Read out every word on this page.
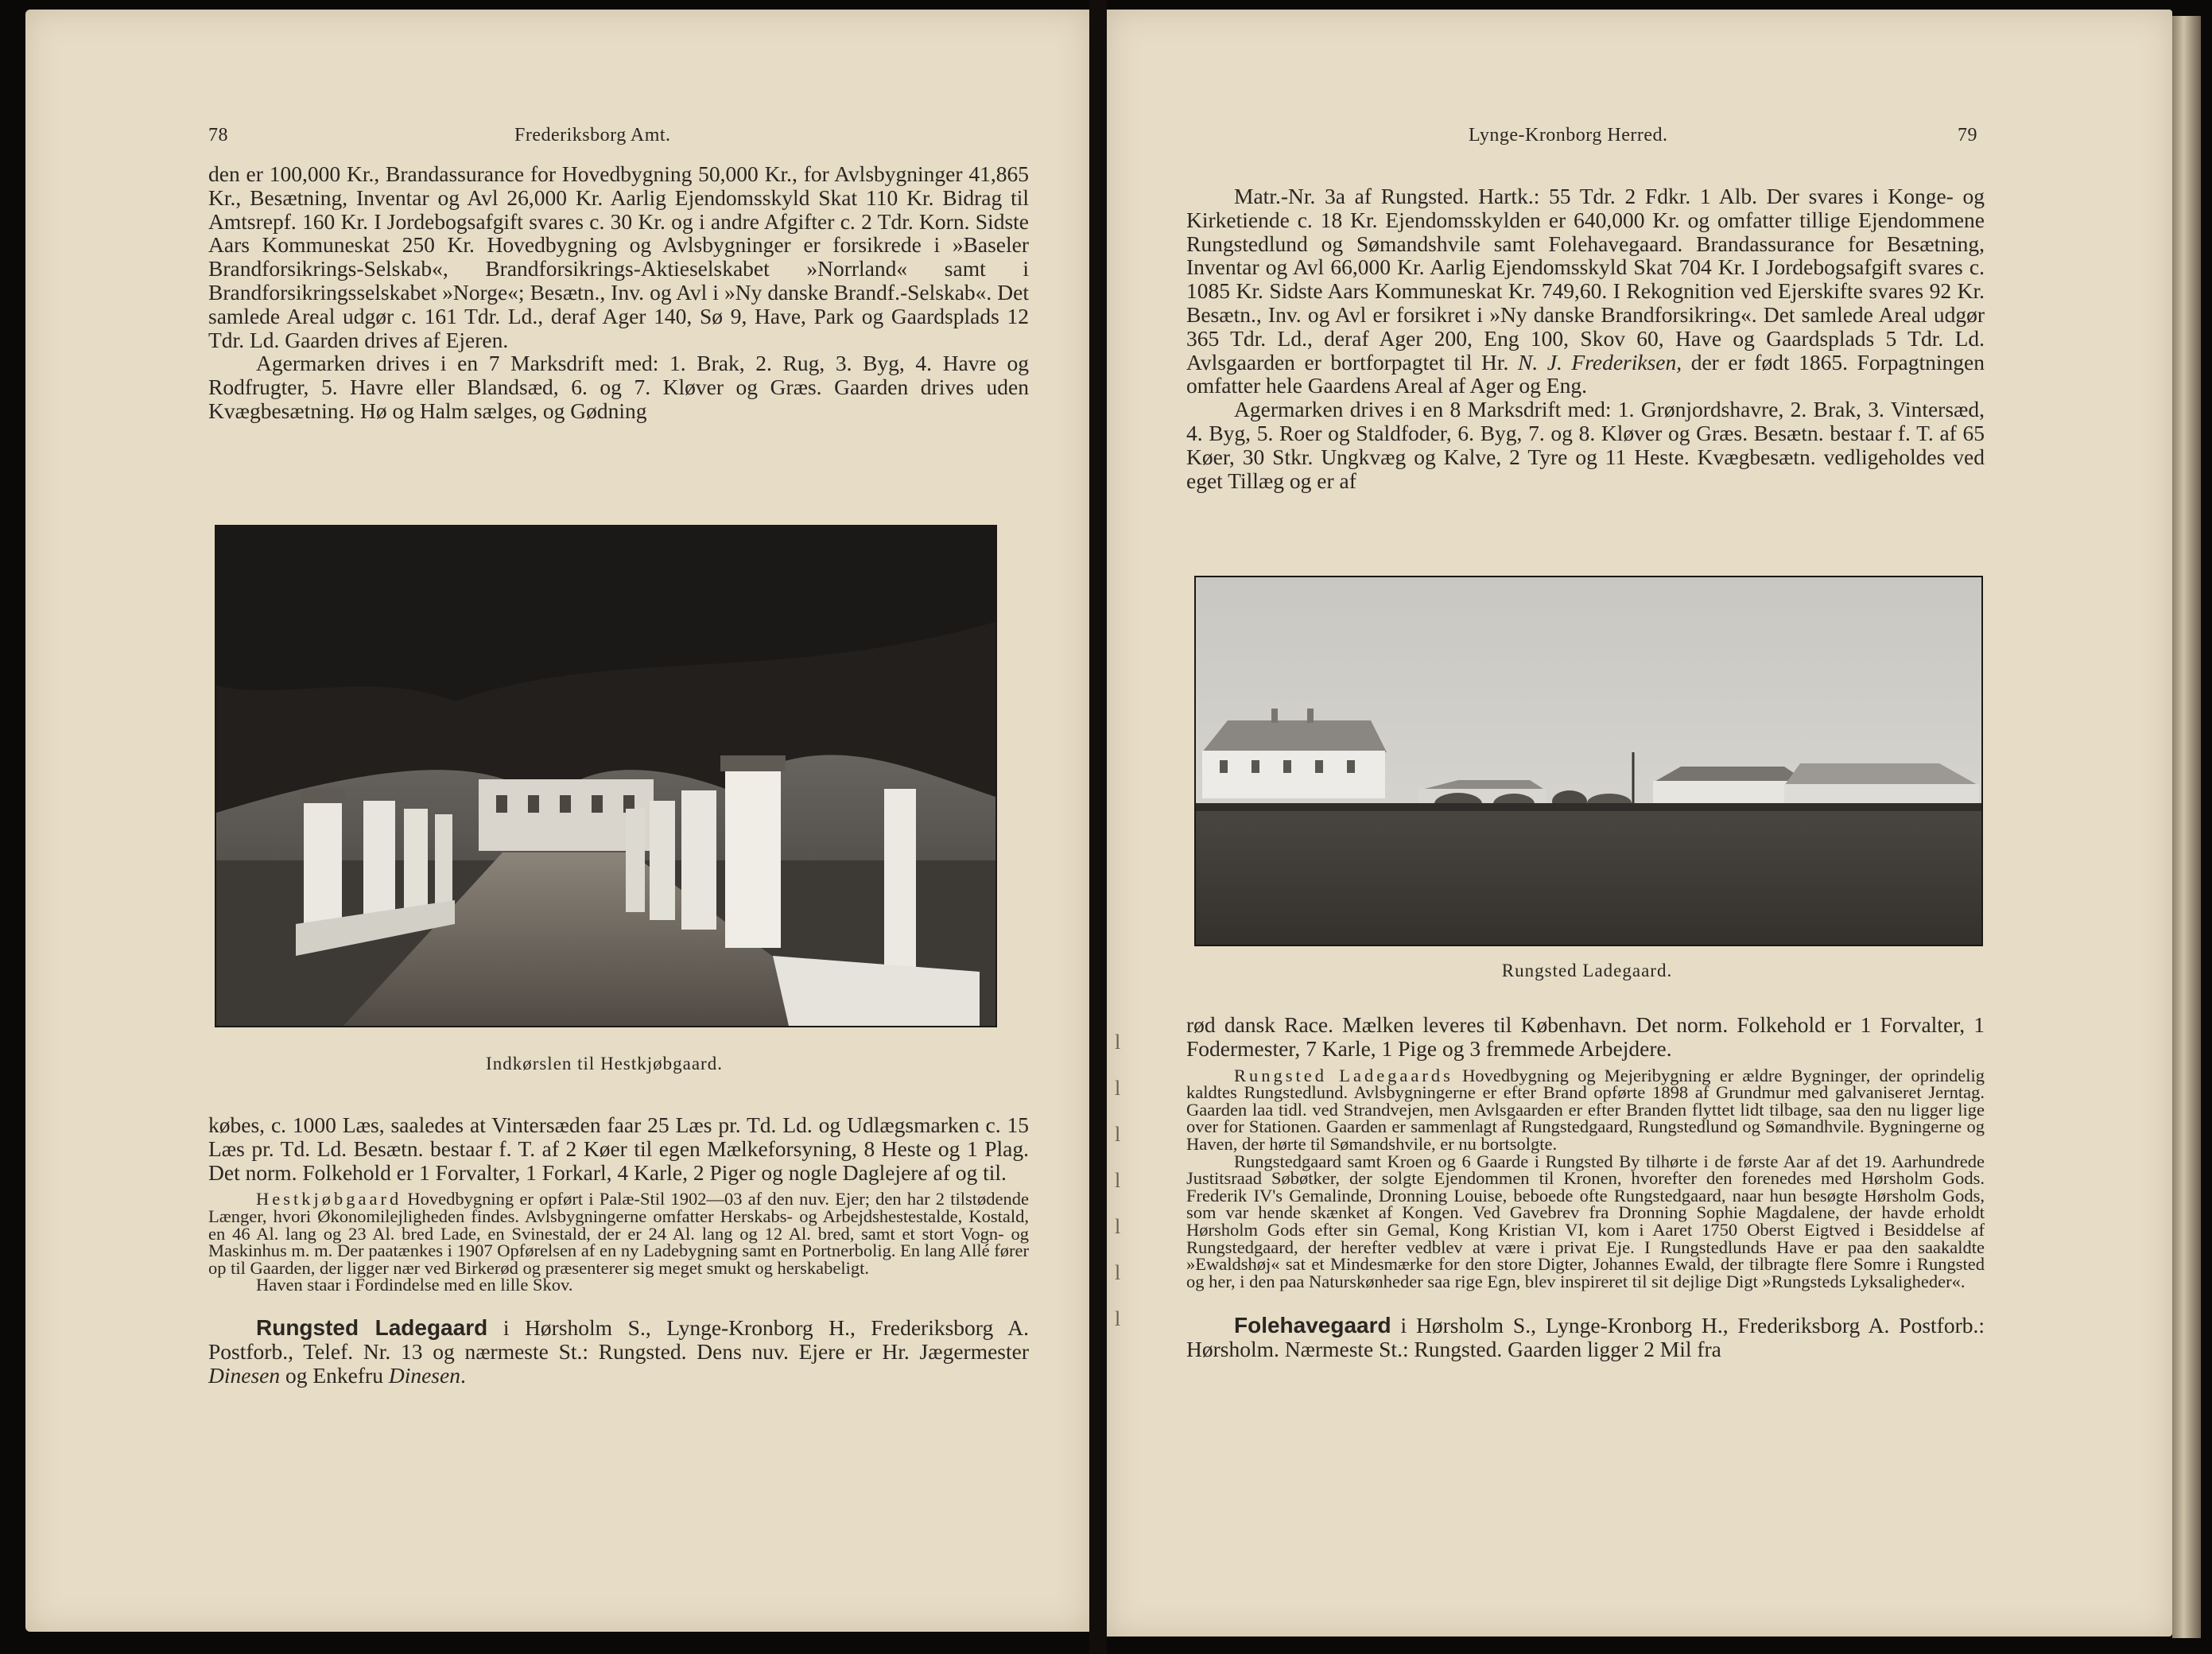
78	Frederiksborg Amt.

den er 100,000 Kr., Brandassurance for Hovedbygning 50,000 Kr., for Avlsbygninger 41,865 Kr., Besætning, Inventar og Avl 26,000 Kr. Aarlig Ejendomsskyld Skat 110 Kr. Bidrag til Amtsrepf. 160 Kr. I Jordebogsafgift svares c. 30 Kr. og i andre Afgifter c. 2 Tdr. Korn. Sidste Aars Kommuneskat 250 Kr. Hovedbygning og Avlsbygninger er forsikrede i »Baseler Brandforsikrings-Selskab«, Brandforsikrings-Aktieselskabet »Norrland« samt i Brandforsikringsselskabet »Norge«; Besætn., Inv. og Avl i »Ny danske Brandf.-Selskab«. Det samlede Areal udgør c. 161 Tdr. Ld., deraf Ager 140, Sø 9, Have, Park og Gaardsplads 12 Tdr. Ld. Gaarden drives af Ejeren.

Agermarken drives i en 7 Marksdrift med: 1. Brak, 2. Rug, 3. Byg, 4. Havre og Rodfrugter, 5. Havre eller Blandsæd, 6. og 7. Kløver og Græs. Gaarden drives uden Kvægbesætning. Hø og Halm sælges, og Gødning

Indkørslen til Hestkjøbgaard.

købes, c. 1000 Læs, saaledes at Vintersæden faar 25 Læs pr. Td. Ld. og Udlægsmarken c. 15 Læs pr. Td. Ld. Besætn. bestaar f. T. af 2 Køer til egen Mælkeforsyning, 8 Heste og 1 Plag. Det norm. Folkehold er 1 Forvalter, 1 Forkarl, 4 Karle, 2 Piger og nogle Daglejere af og til.

Hestkjøbgaard Hovedbygning er opført i Palæ-Stil 1902—03 af den nuv. Ejer; den har 2 tilstødende Længer, hvori Økonomilejligheden findes. Avlsbygningerne omfatter Herskabs- og Arbejdshestestalde, Kostald, en 46 Al. lang og 23 Al. bred Lade, en Svinestald, der er 24 Al. lang og 12 Al. bred, samt et stort Vogn- og Maskinhus m. m. Der paatænkes i 1907 Opførelsen af en ny Ladebygning samt en Portnerbolig. En lang Allé fører op til Gaarden, der ligger nær ved Birkerød og præsenterer sig meget smukt og herskabeligt.

Haven staar i Fordindelse med en lille Skov.

Rungsted Ladegaard i Hørsholm S., Lynge-Kronborg H., Frederiksborg A. Postforb., Telef. Nr. 13 og nærmeste St.: Rungsted. Dens nuv. Ejere er Hr. Jægermester Dinesen og Enkefru Dinesen.

l
l
l
l
l
l
l
Lynge-Kronborg Herred.	79

Matr.-Nr. 3a af Rungsted. Hartk.: 55 Tdr. 2 Fdkr. 1 Alb. Der svares i Konge- og Kirketiende c. 18 Kr. Ejendomsskylden er 640,000 Kr. og omfatter tillige Ejendommene Rungstedlund og Sømandshvile samt Folehavegaard. Brandassurance for Besætning, Inventar og Avl 66,000 Kr. Aarlig Ejendomsskyld Skat 704 Kr. I Jordebogsafgift svares c. 1085 Kr. Sidste Aars Kommuneskat Kr. 749,60. I Rekognition ved Ejerskifte svares 92 Kr. Besætn., Inv. og Avl er forsikret i »Ny danske Brandforsikring«. Det samlede Areal udgør 365 Tdr. Ld., deraf Ager 200, Eng 100, Skov 60, Have og Gaardsplads 5 Tdr. Ld. Avlsgaarden er bortforpagtet til Hr. N. J. Frederiksen, der er født 1865. Forpagtningen omfatter hele Gaardens Areal af Ager og Eng.

Agermarken drives i en 8 Marksdrift med: 1. Grønjordshavre, 2. Brak, 3. Vintersæd, 4. Byg, 5. Roer og Staldfoder, 6. Byg, 7. og 8. Kløver og Græs. Besætn. bestaar f. T. af 65 Køer, 30 Stkr. Ungkvæg og Kalve, 2 Tyre og 11 Heste. Kvægbesætn. vedligeholdes ved eget Tillæg og er af

Rungsted Ladegaard.

rød dansk Race. Mælken leveres til København. Det norm. Folkehold er 1 Forvalter, 1 Fodermester, 7 Karle, 1 Pige og 3 fremmede Arbejdere.

Rungsted Ladegaards Hovedbygning og Mejeribygning er ældre Bygninger, der oprindelig kaldtes Rungstedlund. Avlsbygningerne er efter Brand opførte 1898 af Grundmur med galvaniseret Jerntag. Gaarden laa tidl. ved Strandvejen, men Avlsgaarden er efter Branden flyttet lidt tilbage, saa den nu ligger lige over for Stationen. Gaarden er sammenlagt af Rungstedgaard, Rungstedlund og Sømandhvile. Bygningerne og Haven, der hørte til Sømandshvile, er nu bortsolgte.

Rungstedgaard samt Kroen og 6 Gaarde i Rungsted By tilhørte i de første Aar af det 19. Aarhundrede Justitsraad Søbøtker, der solgte Ejendommen til Kronen, hvorefter den forenedes med Hørsholm Gods. Frederik IV's Gemalinde, Dronning Louise, beboede ofte Rungstedgaard, naar hun besøgte Hørsholm Gods, som var hende skænket af Kongen. Ved Gavebrev fra Dronning Sophie Magdalene, der havde erholdt Hørsholm Gods efter sin Gemal, Kong Kristian VI, kom i Aaret 1750 Oberst Eigtved i Besiddelse af Rungstedgaard, der herefter vedblev at være i privat Eje. I Rungstedlunds Have er paa den saakaldte »Ewaldshøj« sat et Mindesmærke for den store Digter, Johannes Ewald, der tilbragte flere Somre i Rungsted og her, i den paa Naturskønheder saa rige Egn, blev inspireret til sit dejlige Digt »Rungsteds Lyksaligheder«.

Folehavegaard i Hørsholm S., Lynge-Kronborg H., Frederiksborg A. Postforb.: Hørsholm. Nærmeste St.: Rungsted. Gaarden ligger 2 Mil fra
